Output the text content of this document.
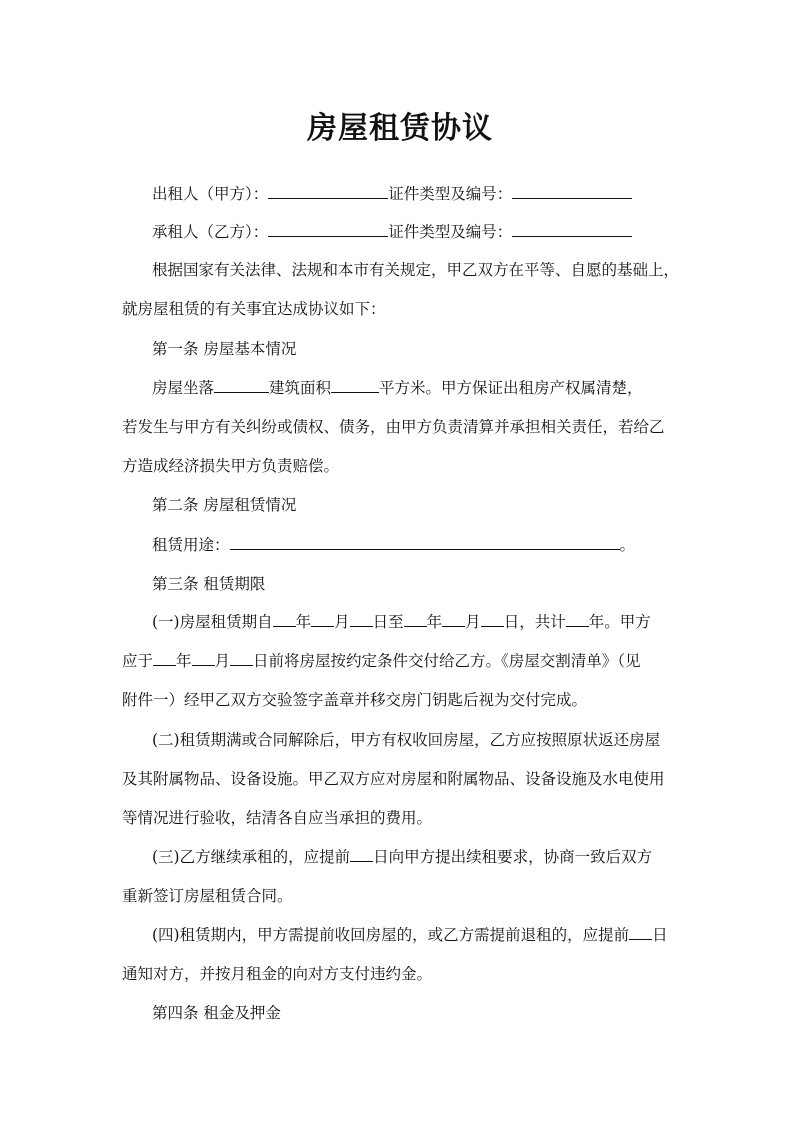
房屋租赁协议
出租人（甲方）：	证件类型及编号：
承租人（乙方）：	证件类型及编号：
根据国家有关法律、法规和本市有关规定，甲乙双方在平等、自愿的基础上，
就房屋租赁的有关事宜达成协议如下：
第一条 房屋基本情况
房屋坐落	建筑面积	平方米。甲方保证出租房产权属清楚，
若发生与甲方有关纠纷或债权、债务，由甲方负责清算并承担相关责任，若给乙
方造成经济损失甲方负责赔偿。
第二条 房屋租赁情况
租赁用途：	。
第三条 租赁期限
(一)房屋租赁期自 年 月 日至 年 月 日，共计 年。甲方
应于 年 月 日前将房屋按约定条件交付给乙方。《房屋交割清单》（见
附件一）经甲乙双方交验签字盖章并移交房门钥匙后视为交付完成。
(二)租赁期满或合同解除后，甲方有权收回房屋，乙方应按照原状返还房屋
及其附属物品、设备设施。甲乙双方应对房屋和附属物品、设备设施及水电使用
等情况进行验收，结清各自应当承担的费用。
(三)乙方继续承租的，应提前 日向甲方提出续租要求，协商一致后双方
重新签订房屋租赁合同。
(四)租赁期内，甲方需提前收回房屋的，或乙方需提前退租的，应提前 日
通知对方，并按月租金的向对方支付违约金。
第四条 租金及押金
